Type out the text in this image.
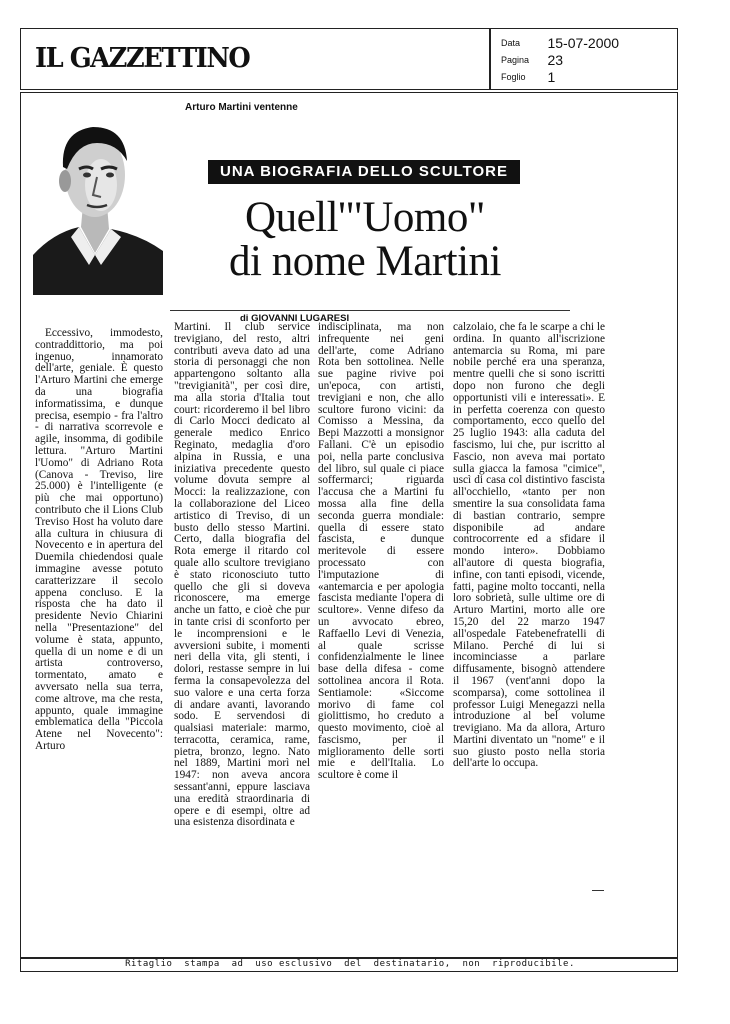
IL GAZZETTINO
Data 15-07-2000
Pagina 23
Foglio 1
Arturo Martini ventenne
UNA BIOGRAFIA DELLO SCULTORE
Quell'"Uomo"
di nome Martini
di GIOVANNI LUGARESI

Eccessivo, immodesto, contraddittorio, ma poi ingenuo, innamorato dell'arte, geniale. È questo l'Arturo Martini che emerge da una biografia informatissima, e dunque precisa, esempio - fra l'altro - di narrativa scorrevole e agile, insomma, di godibile lettura. "Arturo Martini l'Uomo" di Adriano Rota (Canova - Treviso, lire 25.000) è l'intelligente (e più che mai opportuno) contributo che il Lions Club Treviso Host ha voluto dare alla cultura in chiusura di Novecento e in apertura del Duemila chiedendosi quale immagine avesse potuto caratterizzare il secolo appena concluso. E la risposta che ha dato il presidente Nevio Chiarini nella "Presentazione" del volume è stata, appunto, quella di un nome e di un artista controverso, tormentato, amato e avversato nella sua terra, come altrove, ma che resta, appunto, quale immagine emblematica della "Piccola Atene nel Novecento": Arturo

Martini. Il club service trevigiano, del resto, altri contributi aveva dato ad una storia di personaggi che non appartengono soltanto alla "trevigianità", per così dire, ma alla storia d'Italia tout court: ricorderemo il bel libro di Carlo Mocci dedicato al generale medico Enrico Reginato, medaglia d'oro alpina in Russia, e una iniziativa precedente questo volume dovuta sempre al Mocci: la realizzazione, con la collaborazione del Liceo artistico di Treviso, di un busto dello stesso Martini. Certo, dalla biografia del Rota emerge il ritardo col quale allo scultore trevigiano è stato riconosciuto tutto quello che gli si doveva riconoscere, ma emerge anche un fatto, e cioè che pur in tante crisi di sconforto per le incomprensioni e le avversioni subite, i momenti neri della vita, gli stenti, i dolori, restasse sempre in lui ferma la consapevolezza del suo valore e una certa forza di andare avanti, lavorando sodo. E servendosi di qualsiasi materiale: marmo, terracotta, ceramica, rame, pietra, bronzo, legno. Nato nel 1889, Martini morì nel 1947: non aveva ancora sessant'anni, eppure lasciava una eredità straordinaria di opere e di esempi, oltre ad una esistenza disordinata e

indisciplinata, ma non infrequente nei geni dell'arte, come Adriano Rota ben sottolinea. Nelle sue pagine rivive poi un'epoca, con artisti, trevigiani e non, che allo scultore furono vicini: da Comisso a Messina, da Bepi Mazzotti a monsignor Fallani. C'è un episodio poi, nella parte conclusiva del libro, sul quale ci piace soffermarci; riguarda l'accusa che a Martini fu mossa alla fine della seconda guerra mondiale: quella di essere stato fascista, e dunque meritevole di essere processato con l'imputazione di «antemarcia e per apologia fascista mediante l'opera di scultore». Venne difeso da un avvocato ebreo, Raffaello Levi di Venezia, al quale scrisse confidenzialmente le linee base della difesa - come sottolinea ancora il Rota. Sentiamole: «Siccome morivo di fame col giolittismo, ho creduto a questo movimento, cioè al fascismo, per il miglioramento delle sorti mie e dell'Italia. Lo scultore è come il

calzolaio, che fa le scarpe a chi le ordina. In quanto all'iscrizione antemarcia su Roma, mi pare nobile perché era una speranza, mentre quelli che si sono iscritti dopo non furono che degli opportunisti vili e interessati». E in perfetta coerenza con questo comportamento, ecco quello del 25 luglio 1943: alla caduta del fascismo, lui che, pur iscritto al Fascio, non aveva mai portato sulla giacca la famosa "cimice", uscì di casa col distintivo fascista all'occhiello, «tanto per non smentire la sua consolidata fama di bastian contrario, sempre disponibile ad andare controcorrente ed a sfidare il mondo intero». Dobbiamo all'autore di questa biografia, infine, con tanti episodi, vicende, fatti, pagine molto toccanti, nella loro sobrietà, sulle ultime ore di Arturo Martini, morto alle ore 15,20 del 22 marzo 1947 all'ospedale Fatebenefratelli di Milano. Perché di lui si incominciasse a parlare diffusamente, bisognò attendere il 1967 (vent'anni dopo la scomparsa), come sottolinea il professor Luigi Menegazzi nella introduzione al bel volume trevigiano. Ma da allora, Arturo Martini diventato un "nome" e il suo giusto posto nella storia dell'arte lo occupa.

Ritaglio  stampa  ad  uso esclusivo  del  destinatario,  non  riproducibile.
